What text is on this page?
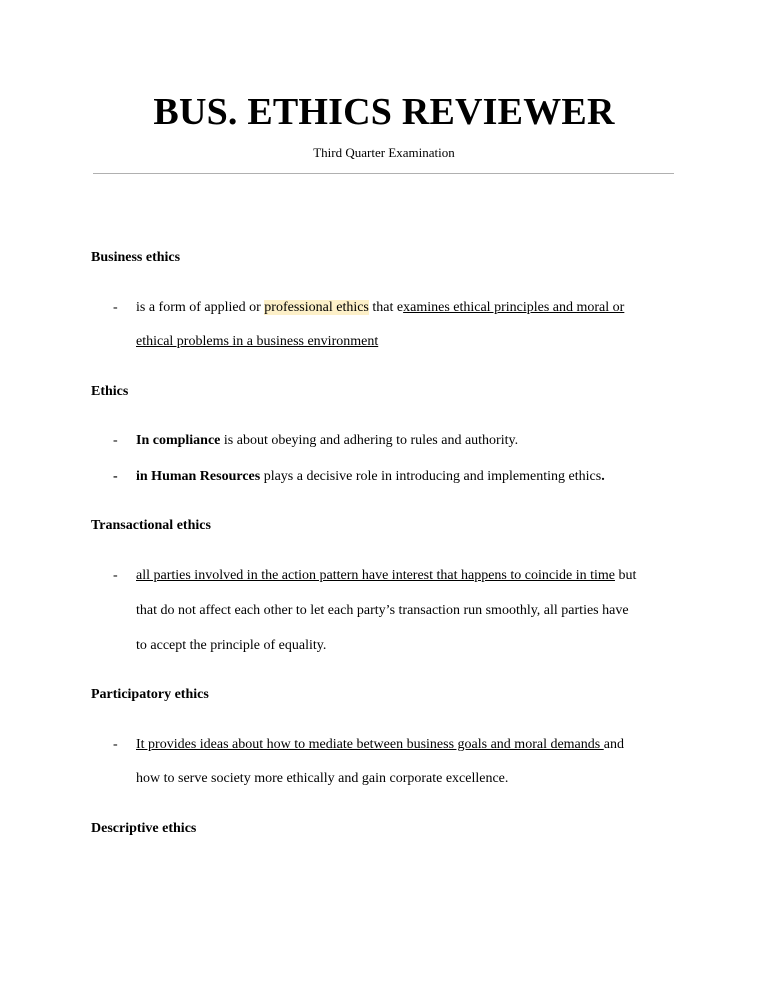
BUS. ETHICS REVIEWER
Third Quarter Examination
Business ethics
- is a form of applied or professional ethics that examines ethical principles and moral or
ethical problems in a business environment
Ethics
- In compliance is about obeying and adhering to rules and authority.
- in Human Resources plays a decisive role in introducing and implementing ethics.
Transactional ethics
- all parties involved in the action pattern have interest that happens to coincide in time but
that do not affect each other to let each party’s transaction run smoothly, all parties have
to accept the principle of equality.
Participatory ethics
- It provides ideas about how to mediate between business goals and moral demands and
how to serve society more ethically and gain corporate excellence.
Descriptive ethics
